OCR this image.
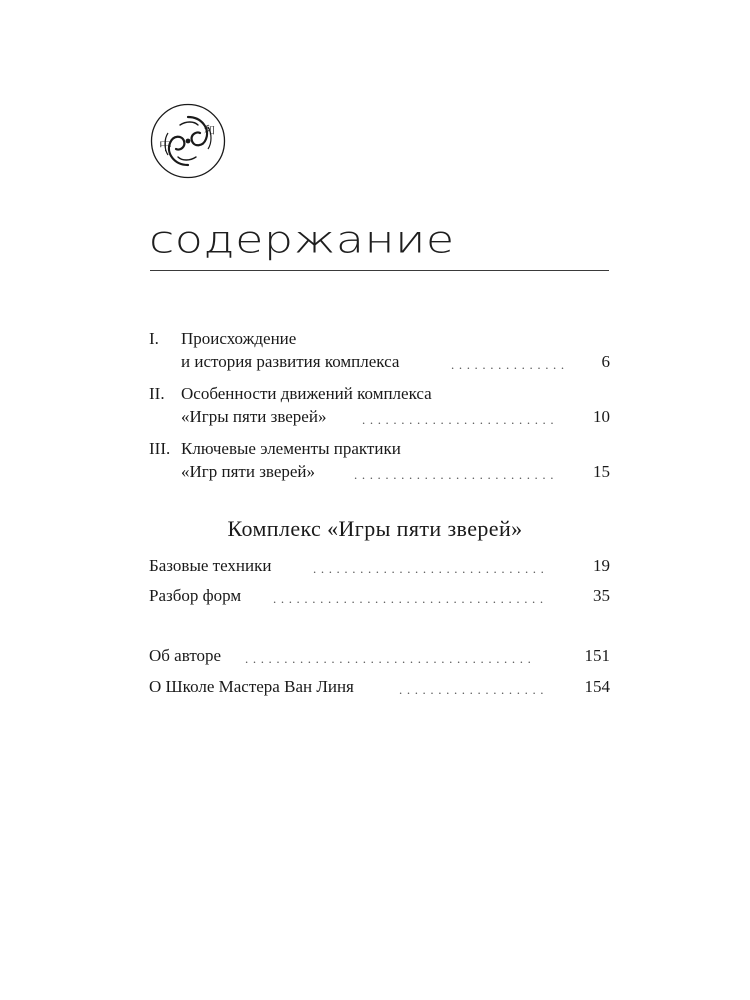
中
和
содержание
I. Происхождение
и история развития комплекса	...............	6
II. Особенности движений комплекса
«Игры пяти зверей»	.........................	10
III. Ключевые элементы практики
«Игр пяти зверей»	..........................	15
Комплекс «Игры пяти зверей»
Базовые техники	..............................	19
Разбор форм	...................................	35
Об авторе	.....................................	151
О Школе Мастера Ван Линя	...................	154
